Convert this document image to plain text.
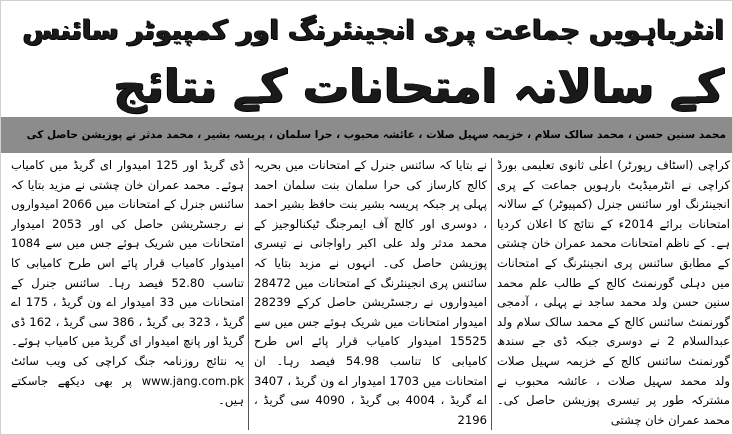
انٹرباہویں جماعت پری انجینئرنگ اور کمپیوٹر سائنس
کے سالانہ امتحانات کے نتائج
محمد سنین حسن ، محمد سالک سلام ، خزیمہ سہیل صلات ، عائشہ محبوب ، حرا سلمان ، پریسہ بشیر ، محمد مدثر نے پوزیشن حاصل کی

کراچی (اسٹاف رپورٹر) اعلٰی ثانوی تعلیمی بورڈ کراچی نے انٹرمیڈیٹ بارہویں جماعت کے پری انجینئرنگ اور سائنس جنرل (کمپیوٹر) کے سالانہ امتحانات برائے 2014ء کے نتائج کا اعلان کردیا ہے۔ کے ناظم امتحانات محمد عمران خان چشتی کے مطابق سائنس پری انجینئرنگ کے امتحانات میں دہلی گورنمنٹ کالج کے طالب علم محمد سنین حسن ولد محمد ساجد نے پہلی ، آدمجی گورنمنٹ سائنس کالج کے محمد سالک سلام ولد عبدالسلام 2 نے دوسری جبکہ ڈی جے سندھ گورنمنٹ سائنس کالج کے خزیمہ سہیل صلات ولد محمد سہیل صلات ، عائشہ محبوب نے مشترکہ طور پر تیسری پوزیشن حاصل کی۔ محمد عمران خان چشتی

نے بتایا کہ سائنس جنرل کے امتحانات میں بحریہ کالج کارساز کی حرا سلمان بنت سلمان احمد پہلی پر جبکہ پریسہ بشیر بنت حافظ بشیر احمد ، دوسری اور کالج آف ایمرجنگ ٹیکنالوجیز کے محمد مدثر ولد علی اکبر راواجانی نے تیسری پوزیشن حاصل کی۔ انہوں نے مزید بتایا کہ سائنس پری انجینئرنگ کے امتحانات میں 28472 امیدواروں نے رجسٹریشن حاصل کرکے 28239 امیدوار امتحانات میں شریک ہوئے جس میں سے 15525 امیدوار کامیاب قرار پائے اس طرح کامیابی کا تناسب 54.98 فیصد رہا۔ ان امتحانات میں 1703 امیدوار اے ون گریڈ ، 3407 اے گریڈ ، 4004 بی گریڈ ، 4090 سی گریڈ ، 2196

ڈی گریڈ اور 125 امیدوار ای گریڈ میں کامیاب ہوئے۔ محمد عمران خان چشتی نے مزید بتایا کہ سائنس جنرل کے امتحانات میں 2066 امیدواروں نے رجسٹریشن حاصل کی اور 2053 امیدوار امتحانات میں شریک ہوئے جس میں سے 1084 امیدوار کامیاب قرار پائے اس طرح کامیابی کا تناسب 52.80 فیصد رہا۔ سائنس جنرل کے امتحانات میں 33 امیدوار اے ون گریڈ ، 175 اے گریڈ ، 323 بی گریڈ ، 386 سی گریڈ ، 162 ڈی گریڈ اور پانچ امیدوار ای گریڈ میں کامیاب ہوئے۔ یہ نتائج روزنامہ جنگ کراچی کی ویب سائٹ www.jang.com.pk پر بھی دیکھے جاسکتے ہیں۔
